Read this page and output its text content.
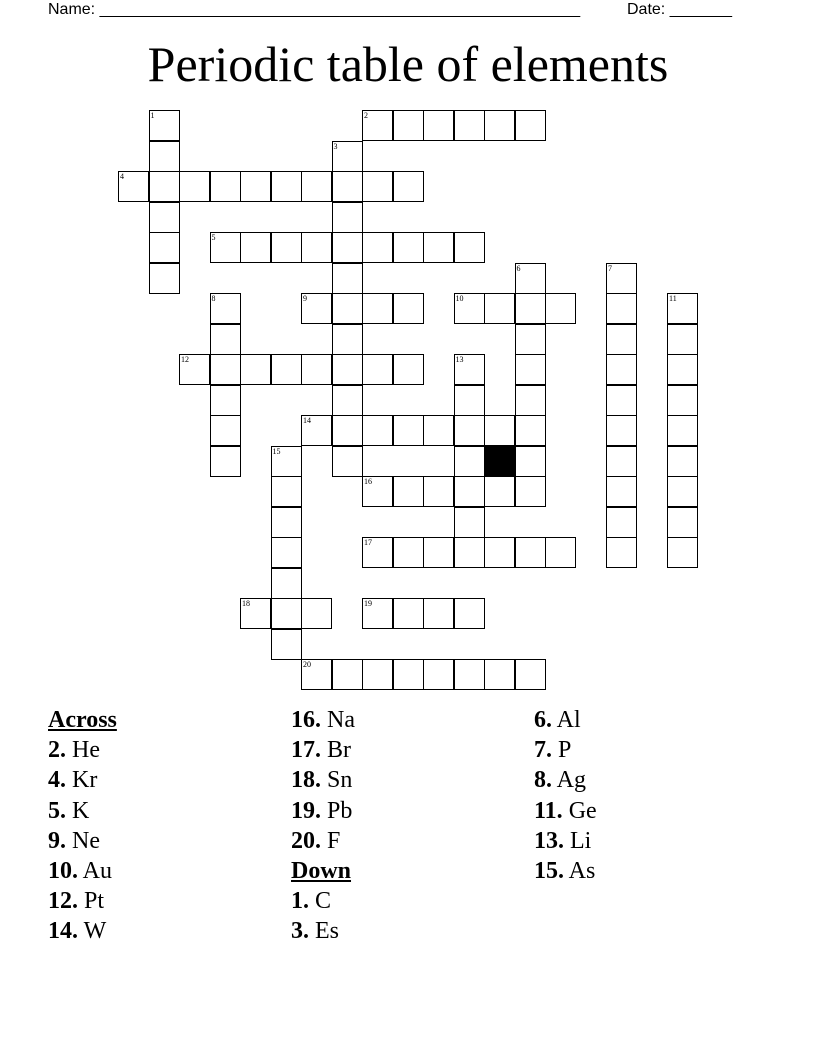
Name: ______________________________________________________	Date: _______
Periodic table of elements
2
4
5
9	10
12
14
16
17
18	19
20
1
3
6	7
8	11
13
15
Across
2. He
4. Kr
5. K
9. Ne
10. Au
12. Pt
14. W
16. Na
17. Br
18. Sn
19. Pb
20. F
Down
1. C
3. Es
6. Al
7. P
8. Ag
11. Ge
13. Li
15. As
